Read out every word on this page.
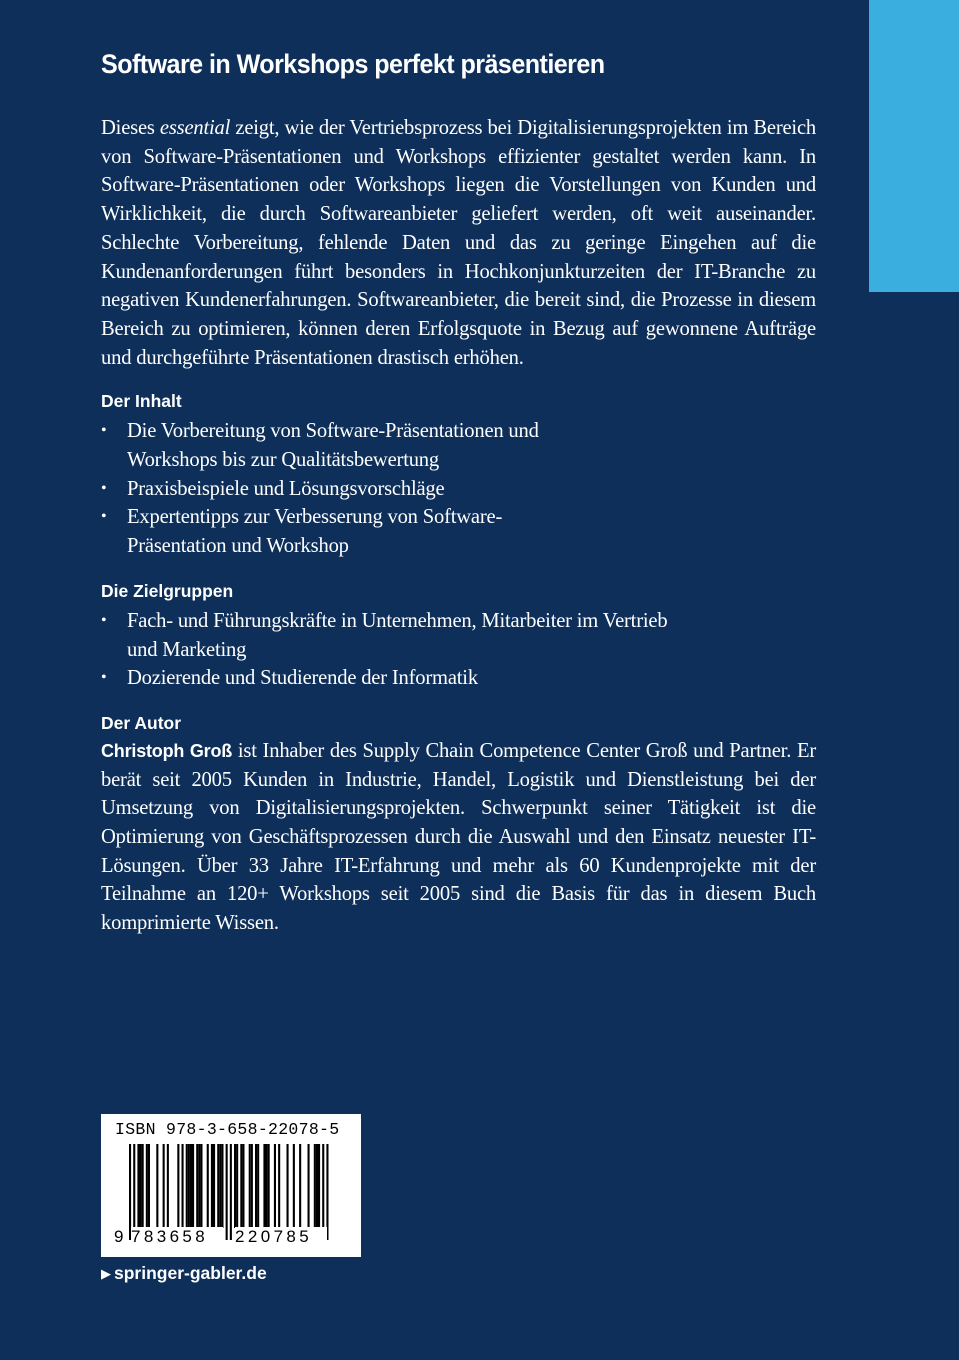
Software in Workshops perfekt präsentieren

Dieses essential zeigt, wie der Vertriebsprozess bei Digitalisierungsprojekten im Bereich von Software-Präsentationen und Workshops effizienter gestaltet werden kann. In Software-Präsentationen oder Workshops liegen die Vorstellungen von Kunden und Wirklichkeit, die durch Softwareanbieter geliefert werden, oft weit auseinander. Schlechte Vorbereitung, fehlende Daten und das zu geringe Eingehen auf die Kundenanforderungen führt besonders in Hochkonjunkturzeiten der IT-Branche zu negativen Kundenerfahrungen. Softwareanbieter, die bereit sind, die Prozesse in diesem Bereich zu optimieren, können deren Erfolgsquote in Bezug auf gewonnene Aufträge und durchgeführte Präsentationen drastisch erhöhen.

Der Inhalt
• Die Vorbereitung von Software-Präsentationen und Workshops bis zur Qualitätsbewertung
• Praxisbeispiele und Lösungsvorschläge
• Expertentipps zur Verbesserung von Software-Präsentation und Workshop
Die Zielgruppen
• Fach- und Führungskräfte in Unternehmen, Mitarbeiter im Vertrieb und Marketing
• Dozierende und Studierende der Informatik
Der Autor

Christoph Groß ist Inhaber des Supply Chain Competence Center Groß und Partner. Er berät seit 2005 Kunden in Industrie, Handel, Logistik und Dienstleistung bei der Umsetzung von Digitalisierungsprojekten. Schwerpunkt seiner Tätigkeit ist die Optimierung von Geschäftsprozessen durch die Auswahl und den Einsatz neuester IT-Lösungen. Über 33 Jahre IT-Erfahrung und mehr als 60 Kundenprojekte mit der Teilnahme an 120+ Workshops seit 2005 sind die Basis für das in diesem Buch komprimierte Wissen.

ISBN 978-3-658-22078-5
9 783658	220785
▶ springer-gabler.de
